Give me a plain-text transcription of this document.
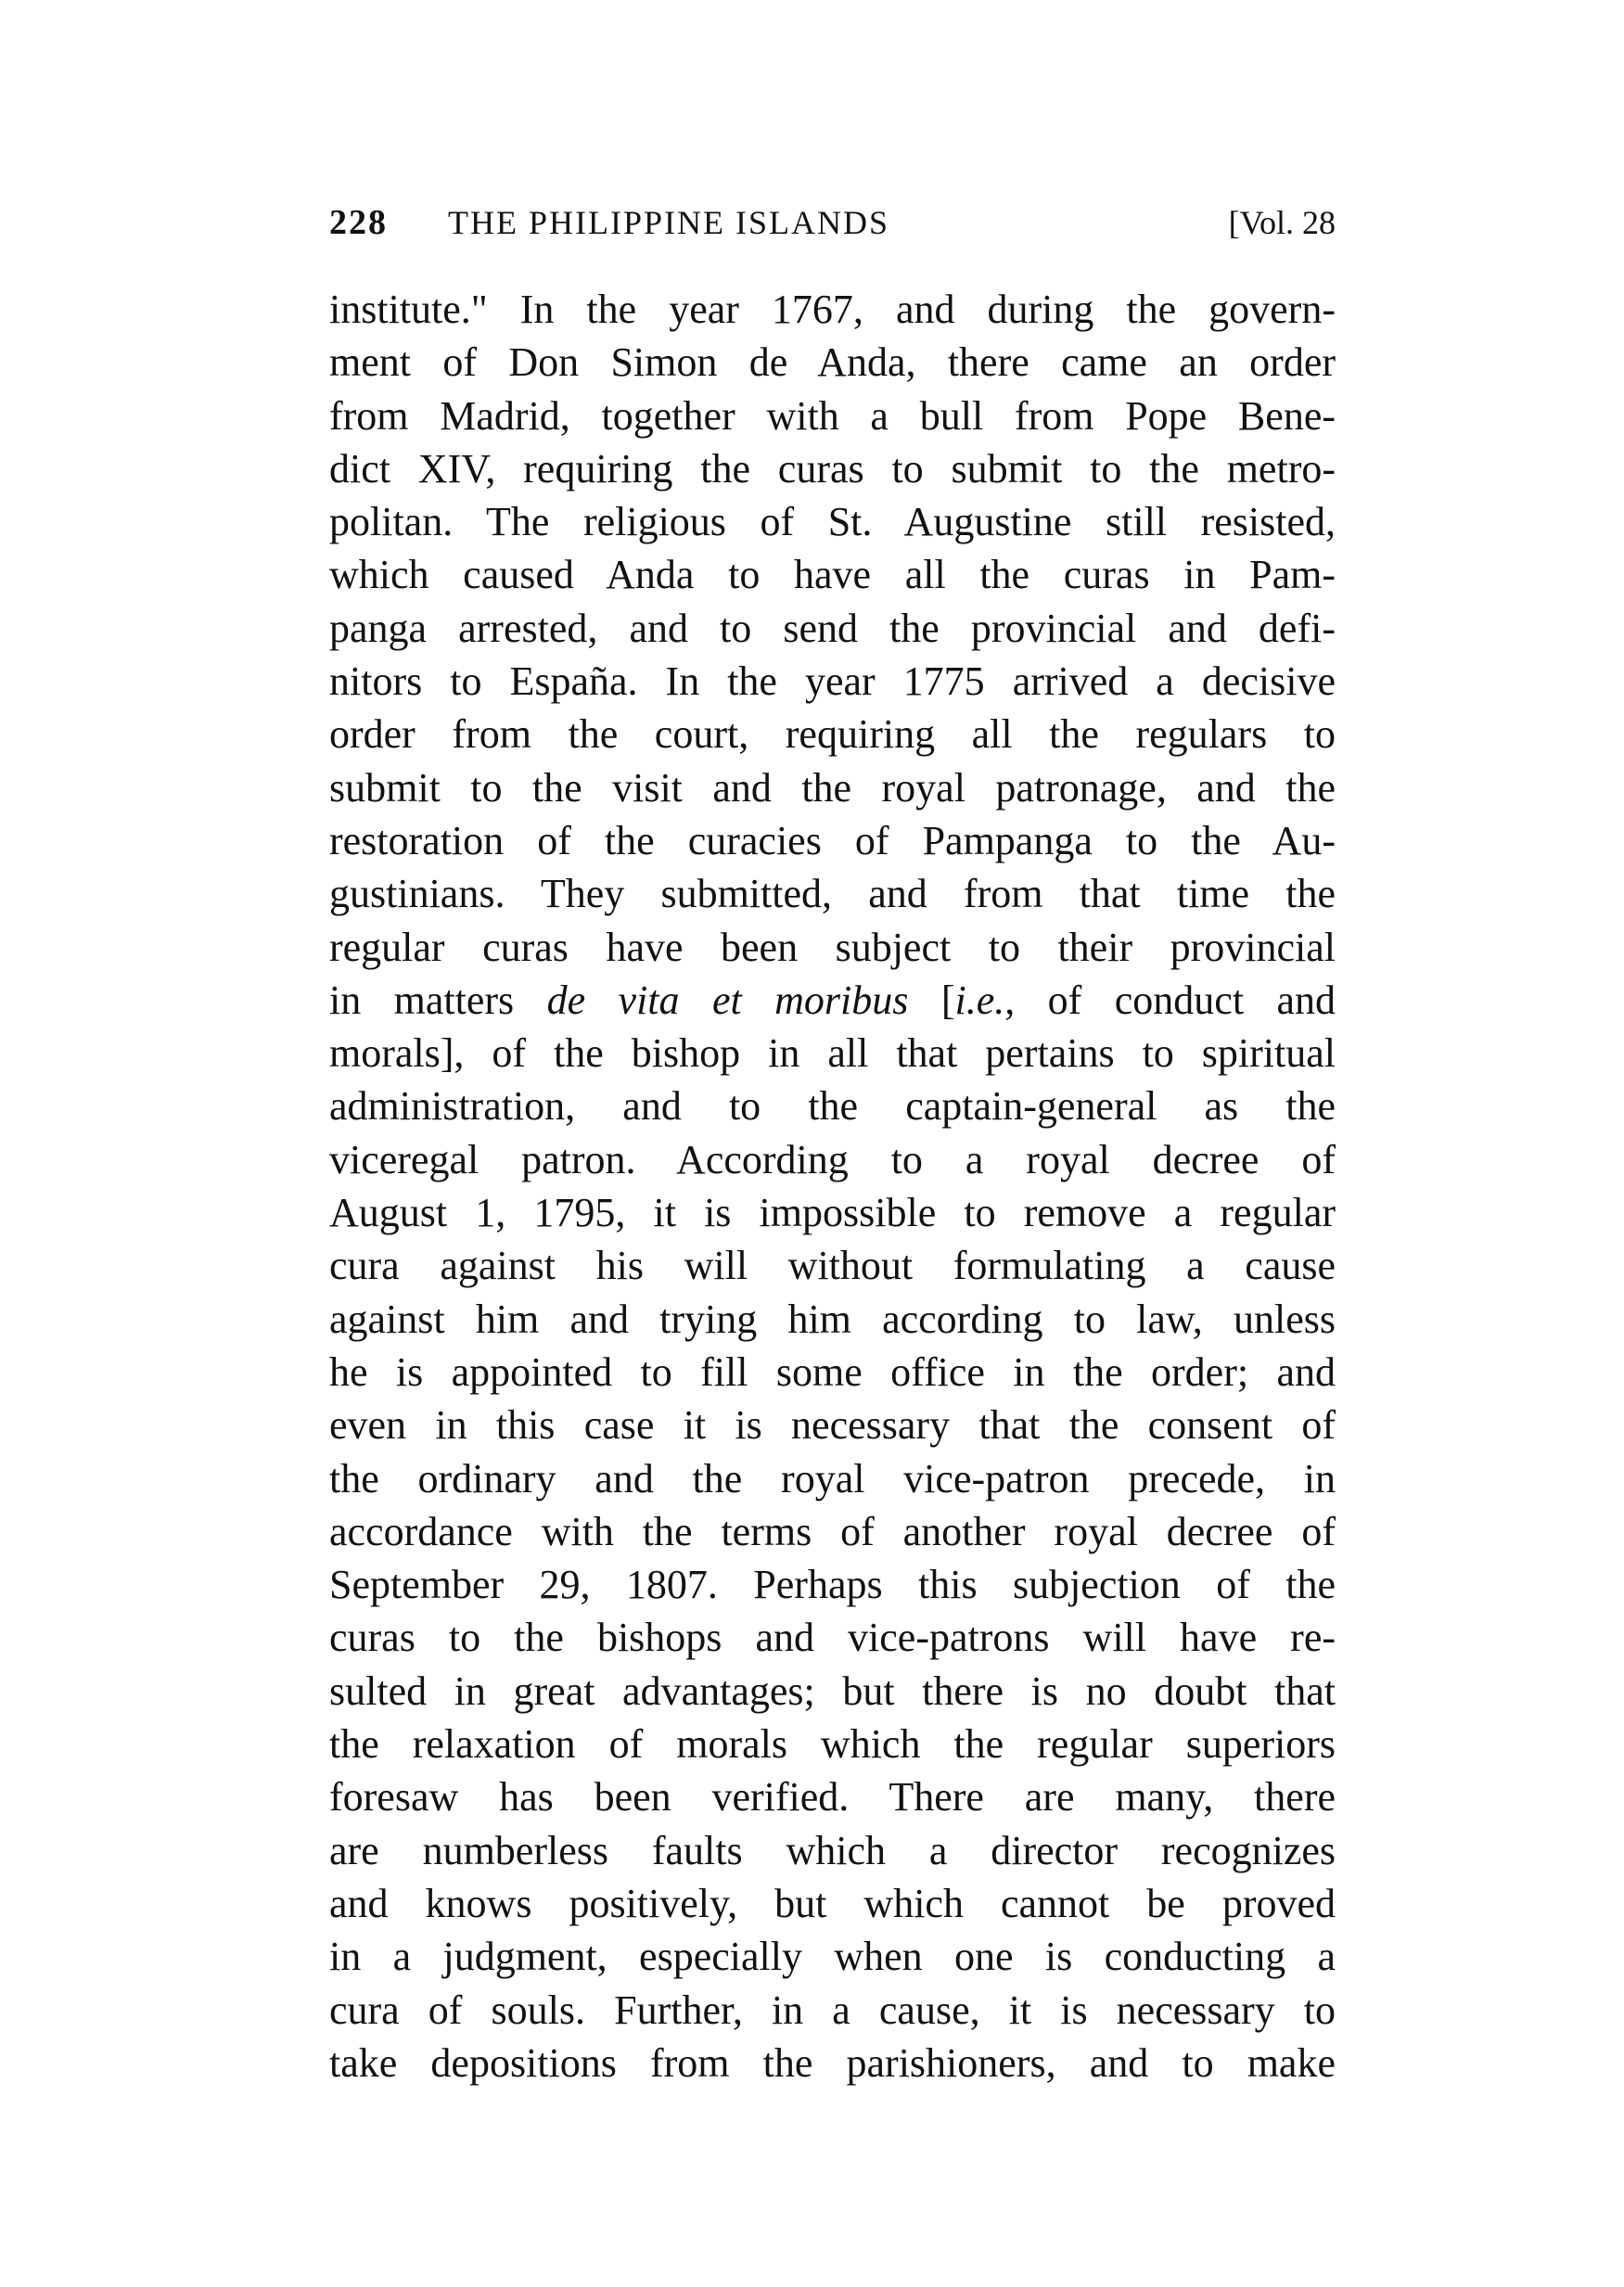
228 THE PHILIPPINE ISLANDS	[Vol. 28
institute." In the year 1767, and during the govern-
ment of Don Simon de Anda, there came an order
from Madrid, together with a bull from Pope Bene-
dict XIV, requiring the curas to submit to the metro-
politan. The religious of St. Augustine still resisted,
which caused Anda to have all the curas in Pam-
panga arrested, and to send the provincial and defi-
nitors to España. In the year 1775 arrived a decisive
order from the court, requiring all the regulars to
submit to the visit and the royal patronage, and the
restoration of the curacies of Pampanga to the Au-
gustinians. They submitted, and from that time the
regular curas have been subject to their provincial
in matters de vita et moribus [i.e., of conduct and
morals], of the bishop in all that pertains to spiritual
administration, and to the captain-general as the
viceregal patron. According to a royal decree of
August 1, 1795, it is impossible to remove a regular
cura against his will without formulating a cause
against him and trying him according to law, unless
he is appointed to fill some office in the order; and
even in this case it is necessary that the consent of
the ordinary and the royal vice-patron precede, in
accordance with the terms of another royal decree of
September 29, 1807. Perhaps this subjection of the
curas to the bishops and vice-patrons will have re-
sulted in great advantages; but there is no doubt that
the relaxation of morals which the regular superiors
foresaw has been verified. There are many, there
are numberless faults which a director recognizes
and knows positively, but which cannot be proved
in a judgment, especially when one is conducting a
cura of souls. Further, in a cause, it is necessary to
take depositions from the parishioners, and to make
